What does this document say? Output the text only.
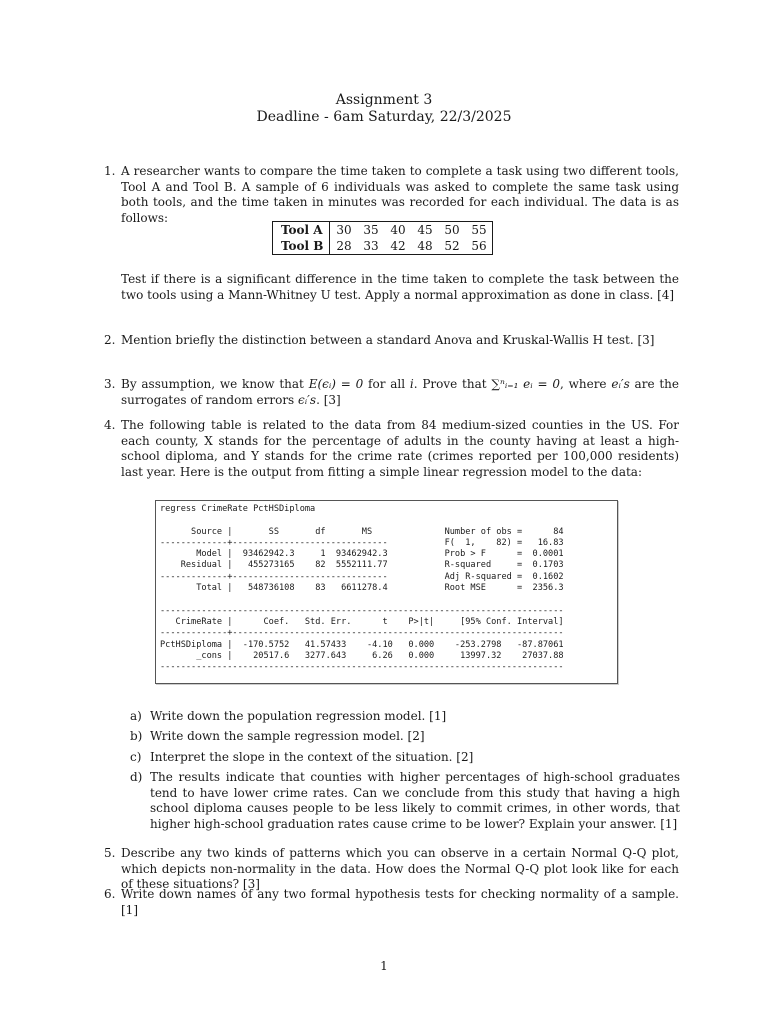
Assignment 3
Deadline - 6am Saturday, 22/3/2025
1. A researcher wants to compare the time taken to complete a task using two different tools, Tool A and Tool B. A sample of 6 individuals was asked to complete the same task using both tools, and the time taken in minutes was recorded for each individual. The data is as follows:

Tool A	30	35	40	45	50	55
Tool B	28	33	42	48	52	56

Test if there is a significant difference in the time taken to complete the task between the two tools using a Mann-Whitney U test. Apply a normal approximation as done in class. [4]

2. Mention briefly the distinction between a standard Anova and Kruskal-Wallis H test. [3]

3. By assumption, we know that E(ϵᵢ) = 0 for all i. Prove that ∑ⁿᵢ₌₁ eᵢ = 0, where eᵢ′s are the surrogates of random errors ϵᵢ′s. [3]

4. The following table is related to the data from 84 medium-sized counties in the US. For each county, X stands for the percentage of adults in the county having at least a high-school diploma, and Y stands for the crime rate (crimes reported per 100,000 residents) last year. Here is the output from fitting a simple linear regression model to the data:

regress CrimeRate PctHSDiploma

Source |       SS       df       MS              Number of obs =      84
-------------+------------------------------           F(  1,    82) =   16.83
Model |  93462942.3     1  93462942.3           Prob > F      =  0.0001
Residual |   455273165    82  5552111.77           R-squared     =  0.1703
-------------+------------------------------           Adj R-squared =  0.1602
Total |   548736108    83   6611278.4           Root MSE      =  2356.3

------------------------------------------------------------------------------
CrimeRate |      Coef.   Std. Err.      t    P>|t|     [95% Conf. Interval]
-------------+----------------------------------------------------------------
PctHSDiploma |  -170.5752   41.57433    -4.10   0.000    -253.2798   -87.87061
_cons |    20517.6   3277.643     6.26   0.000     13997.32    27037.88
------------------------------------------------------------------------------
a) Write down the population regression model. [1]
b) Write down the sample regression model. [2]
c) Interpret the slope in the context of the situation. [2]
d) The results indicate that counties with higher percentages of high-school graduates tend to have lower crime rates. Can we conclude from this study that having a high school diploma causes people to be less likely to commit crimes, in other words, that higher high-school graduation rates cause crime to be lower? Explain your answer. [1]
5. Describe any two kinds of patterns which you can observe in a certain Normal Q-Q plot, which depicts non-normality in the data. How does the Normal Q-Q plot look like for each of these situations? [3]

6. Write down names of any two formal hypothesis tests for checking normality of a sample. [1]

1
